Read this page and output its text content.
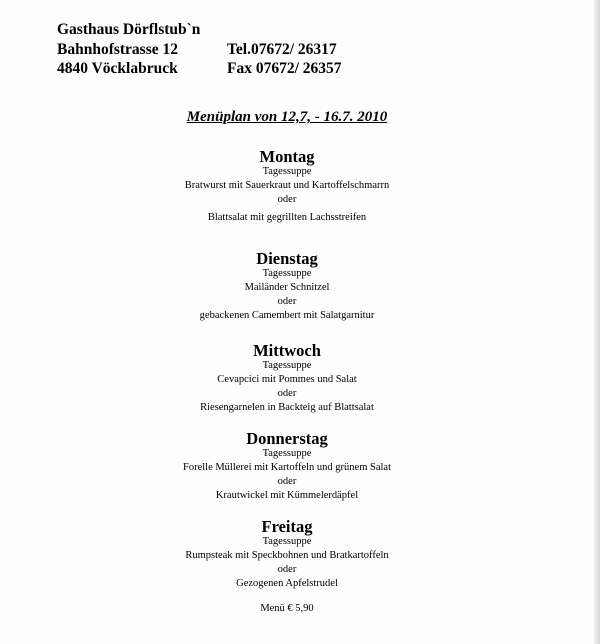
Gasthaus Dörflstub`n
Bahnhofstrasse 12	Tel.07672/ 26317
4840 Vöcklabruck	Fax 07672/ 26357
Menüplan von 12,7, - 16.7. 2010
Montag
Tagessuppe
Bratwurst mit Sauerkraut und Kartoffelschmarrn
oder
Blattsalat mit gegrillten Lachsstreifen
Dienstag
Tagessuppe
Mailänder Schnitzel
oder
gebackenen Camembert mit Salatgarnitur
Mittwoch
Tagessuppe
Cevapcici mit Pommes und Salat
oder
Riesengarnelen in Backteig auf Blattsalat
Donnerstag
Tagessuppe
Forelle Müllerei mit Kartoffeln und grünem Salat
oder
Krautwickel mit Kümmelerdäpfel
Freitag
Tagessuppe
Rumpsteak mit Speckbohnen und Bratkartoffeln
oder
Gezogenen Apfelstrudel
Menü € 5,90
